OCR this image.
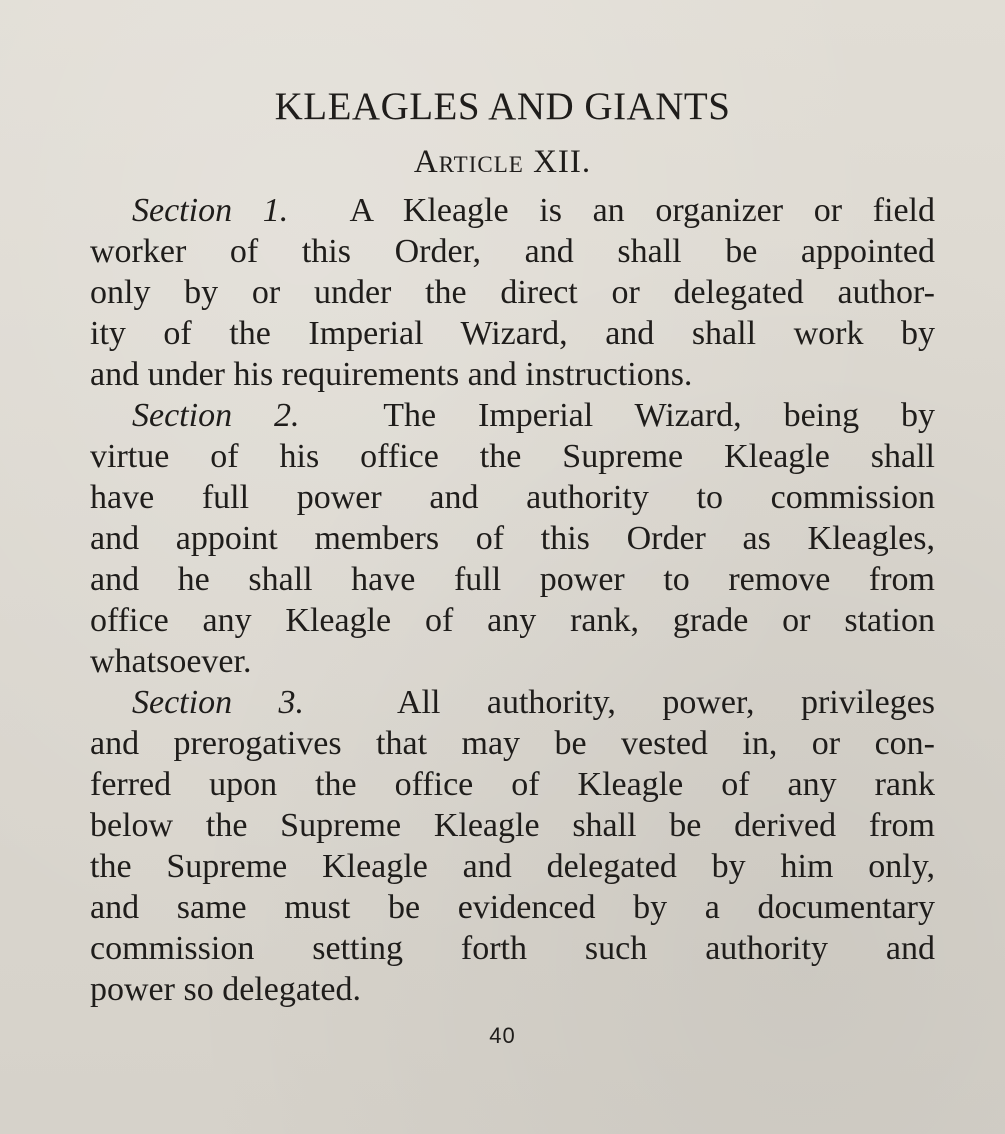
KLEAGLES AND GIANTS
Article XII.
Section 1. A Kleagle is an organizer or field
worker of this Order, and shall be appointed
only by or under the direct or delegated author-
ity of the Imperial Wizard, and shall work by
and under his requirements and instructions.
Section 2. The Imperial Wizard, being by
virtue of his office the Supreme Kleagle shall
have full power and authority to commission
and appoint members of this Order as Kleagles,
and he shall have full power to remove from
office any Kleagle of any rank, grade or station
whatsoever.
Section 3.	All authority, power, privileges
and prerogatives that may be vested in, or con-
ferred upon the office of Kleagle of any rank
below the Supreme Kleagle shall be derived from
the Supreme Kleagle and delegated by him only,
and same must be evidenced by a documentary
commission setting forth such authority and
power so delegated.
40
